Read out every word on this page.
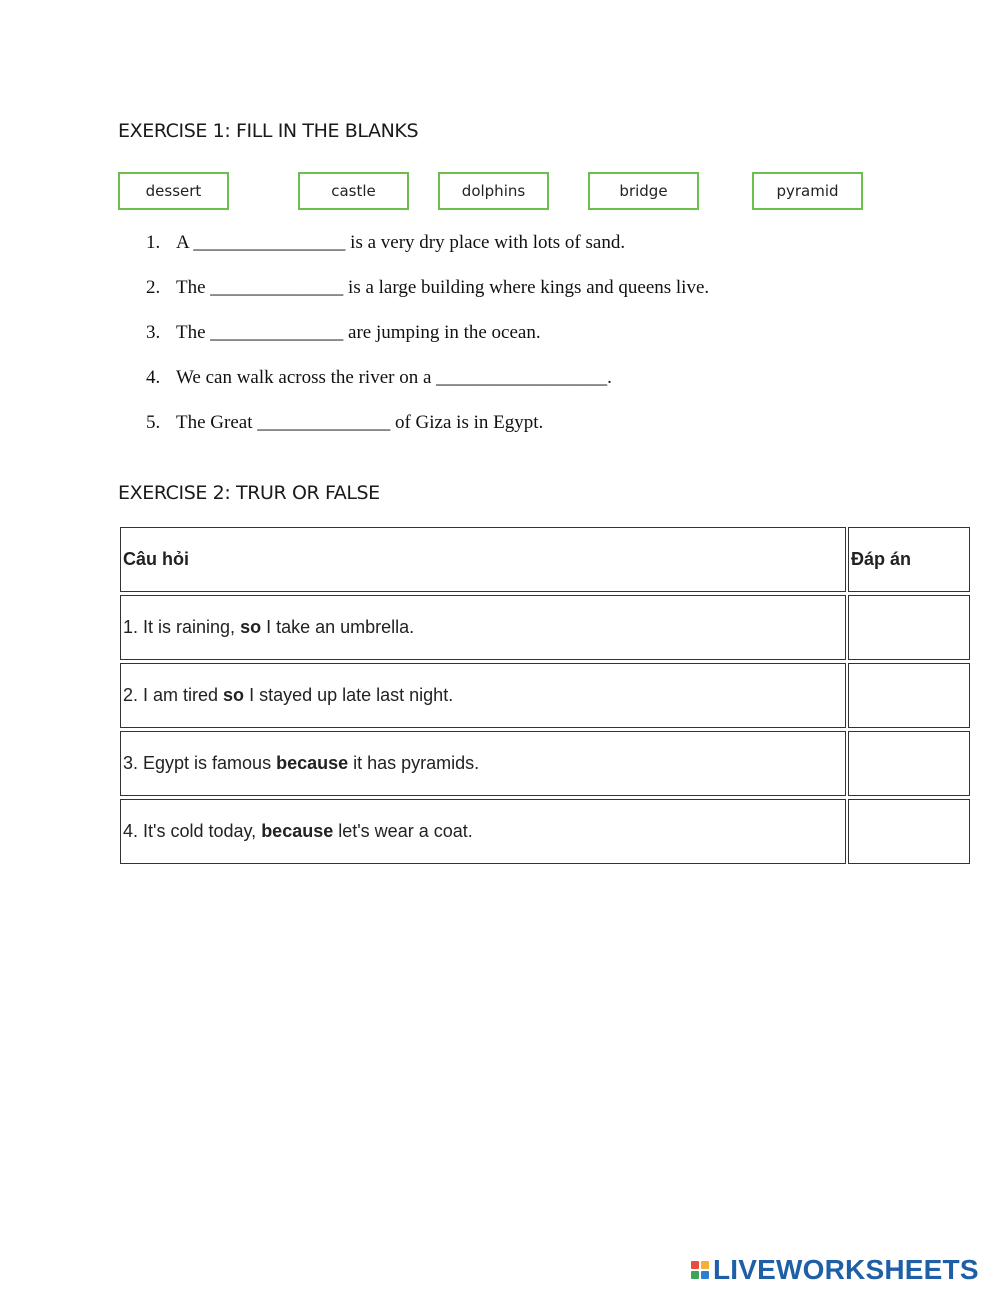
EXERCISE 1: FILL IN THE BLANKS
dessert	castle	dolphins	bridge	pyramid
1. A ________________ is a very dry place with lots of sand.
2. The ______________ is a large building where kings and queens live.
3. The ______________ are jumping in the ocean.
4. We can walk across the river on a __________________.
5. The Great ______________ of Giza is in Egypt.
EXERCISE 2: TRUR OR FALSE
Câu hỏi		Đáp án
1. It is raining, so I take an umbrella.		
2. I am tired so I stayed up late last night.		
3. Egypt is famous because it has pyramids.		
4. It's cold today, because let's wear a coat.		
LIVEWORKSHEETS
